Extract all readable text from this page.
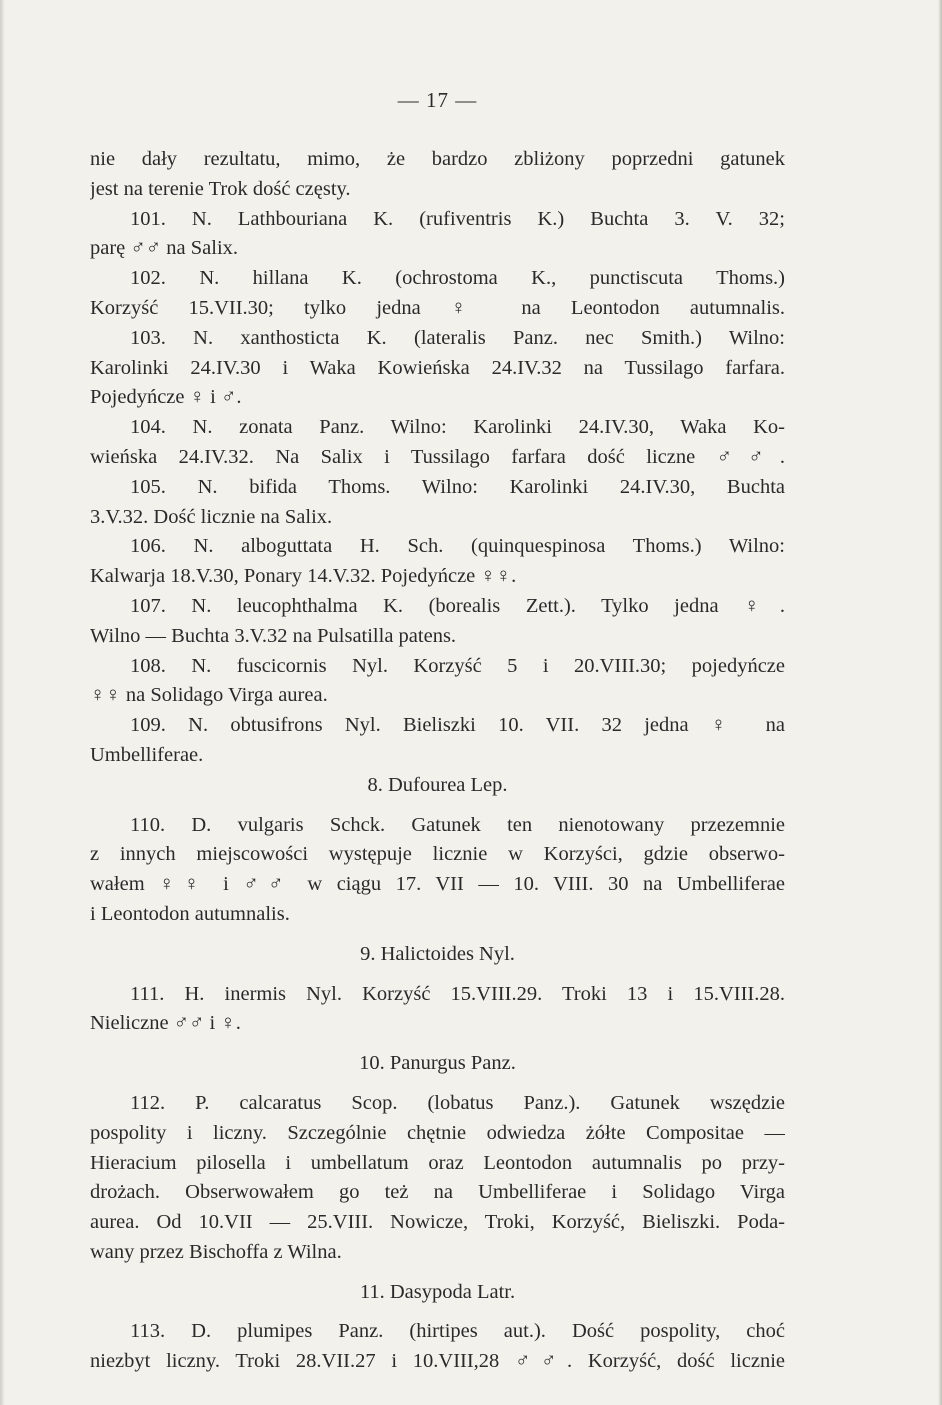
— 17 —
nie dały rezultatu, mimo, że bardzo zbliżony poprzedni gatunek
jest na terenie Trok dość częsty.
101. N. Lathbouriana K. (rufiventris K.) Buchta 3. V. 32;
parę ♂♂ na Salix.
102. N. hillana K. (ochrostoma K., punctiscuta Thoms.)
Korzyść 15.VII.30; tylko jedna ♀ na Leontodon autumnalis.
103. N. xanthosticta K. (lateralis Panz. nec Smith.) Wilno:
Karolinki 24.IV.30 i Waka Kowieńska 24.IV.32 na Tussilago farfara.
Pojedyńcze ♀ i ♂.
104. N. zonata Panz. Wilno: Karolinki 24.IV.30, Waka Ko-
wieńska 24.IV.32. Na Salix i Tussilago farfara dość liczne ♂♂.
105. N. bifida Thoms. Wilno: Karolinki 24.IV.30, Buchta
3.V.32. Dość licznie na Salix.
106. N. alboguttata H. Sch. (quinquespinosa Thoms.) Wilno:
Kalwarja 18.V.30, Ponary 14.V.32. Pojedyńcze ♀♀.
107. N. leucophthalma K. (borealis Zett.). Tylko jedna ♀.
Wilno — Buchta 3.V.32 na Pulsatilla patens.
108. N. fuscicornis Nyl. Korzyść 5 i 20.VIII.30; pojedyńcze
♀♀ na Solidago Virga aurea.
109. N. obtusifrons Nyl. Bieliszki 10. VII. 32 jedna ♀ na
Umbelliferae.
8. Dufourea Lep.
110. D. vulgaris Schck. Gatunek ten nienotowany przezemnie
z innych miejscowości występuje licznie w Korzyści, gdzie obserwo-
wałem ♀♀ i ♂♂ w ciągu 17. VII — 10. VIII. 30 na Umbelliferae
i Leontodon autumnalis.
9. Halictoides Nyl.
111. H. inermis Nyl. Korzyść 15.VIII.29. Troki 13 i 15.VIII.28.
Nieliczne ♂♂ i ♀.
10. Panurgus Panz.
112. P. calcaratus Scop. (lobatus Panz.). Gatunek wszędzie
pospolity i liczny. Szczególnie chętnie odwiedza żółte Compositae —
Hieracium pilosella i umbellatum oraz Leontodon autumnalis po przy-
drożach. Obserwowałem go też na Umbelliferae i Solidago Virga
aurea. Od 10.VII — 25.VIII. Nowicze, Troki, Korzyść, Bieliszki. Poda-
wany przez Bischoffa z Wilna.
11. Dasypoda Latr.
113. D. plumipes Panz. (hirtipes aut.). Dość pospolity, choć
niezbyt liczny. Troki 28.VII.27 i 10.VIII,28 ♂♂. Korzyść, dość licznie
